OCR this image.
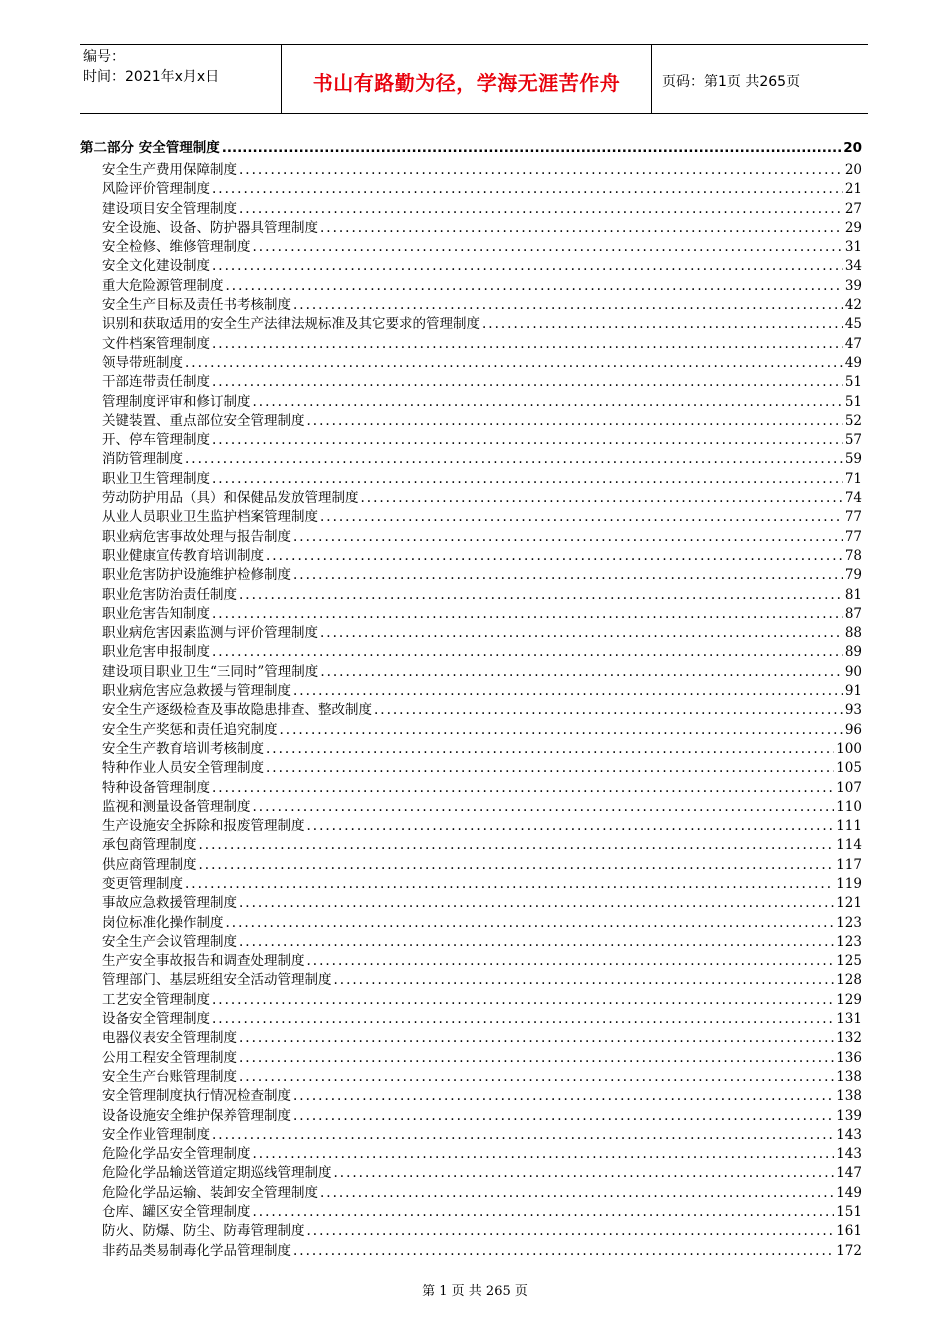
编号：
时间：2021年x月x日	书山有路勤为径，学海无涯苦作舟	页码：第1页 共265页
第二部分 安全管理制度 .....	20
安全生产费用保障制度 .....	20
风险评价管理制度 .....	21
建设项目安全管理制度 .....	27
安全设施、设备、防护器具管理制度 .....	29
安全检修、维修管理制度 .....	31
安全文化建设制度 .....	34
重大危险源管理制度 .....	39
安全生产目标及责任书考核制度 .....	42
识别和获取适用的安全生产法律法规标准及其它要求的管理制度 .....	45
文件档案管理制度 .....	47
领导带班制度 .....	49
干部连带责任制度 .....	51
管理制度评审和修订制度 .....	51
关键装置、重点部位安全管理制度 .....	52
开、停车管理制度 .....	57
消防管理制度 .....	59
职业卫生管理制度 .....	71
劳动防护用品（具）和保健品发放管理制度 .....	74
从业人员职业卫生监护档案管理制度 .....	77
职业病危害事故处理与报告制度 .....	77
职业健康宣传教育培训制度 .....	78
职业危害防护设施维护检修制度 .....	79
职业危害防治责任制度 .....	81
职业危害告知制度 .....	87
职业病危害因素监测与评价管理制度 .....	88
职业危害申报制度 .....	89
建设项目职业卫生“三同时”管理制度 .....	90
职业病危害应急救援与管理制度 .....	91
安全生产逐级检查及事故隐患排查、整改制度 .....	93
安全生产奖惩和责任追究制度 .....	96
安全生产教育培训考核制度 .....	100
特种作业人员安全管理制度 .....	105
特种设备管理制度 .....	107
监视和测量设备管理制度 .....	110
生产设施安全拆除和报废管理制度 .....	111
承包商管理制度 .....	114
供应商管理制度 .....	117
变更管理制度 .....	119
事故应急救援管理制度 .....	121
岗位标准化操作制度 .....	123
安全生产会议管理制度 .....	123
生产安全事故报告和调查处理制度 .....	125
管理部门、基层班组安全活动管理制度 .....	128
工艺安全管理制度 .....	129
设备安全管理制度 .....	131
电器仪表安全管理制度 .....	132
公用工程安全管理制度 .....	136
安全生产台账管理制度 .....	138
安全管理制度执行情况检查制度 .....	138
设备设施安全维护保养管理制度 .....	139
安全作业管理制度 .....	143
危险化学品安全管理制度 .....	143
危险化学品输送管道定期巡线管理制度 .....	147
危险化学品运输、装卸安全管理制度 .....	149
仓库、罐区安全管理制度 .....	151
防火、防爆、防尘、防毒管理制度 .....	161
非药品类易制毒化学品管理制度 .....	172
第 1 页 共 265 页
